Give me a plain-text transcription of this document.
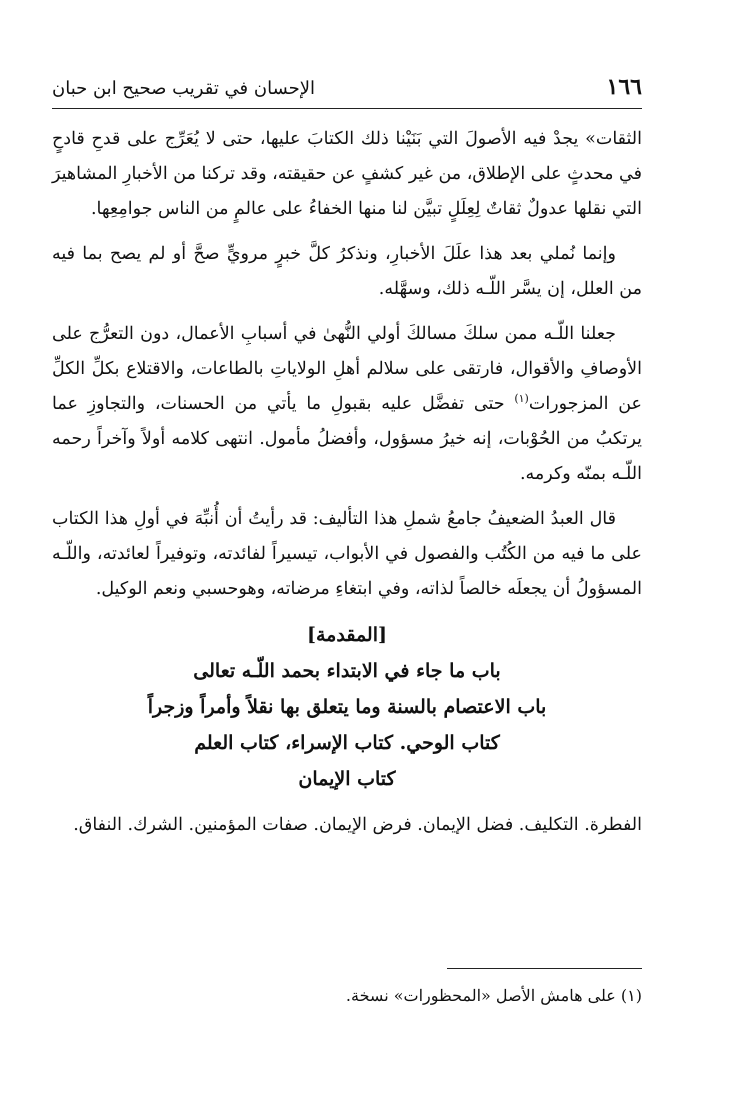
١٦٦
الإحسان في تقريب صحيح ابن حبان

الثقات» يجدْ فيه الأصولَ التي بَنَيْنا ذلك الكتابَ عليها، حتى لا يُعَرِّج على قدحِ قادحٍ في محدثٍ على الإطلاق، من غير كشفٍ عن حقيقته، وقد تركنا من الأخبارِ المشاهيرَ التي نقلها عدولٌ ثقاتٌ لِعِلَلٍ تبيَّن لنا منها الخفاءُ على عالمٍ من الناس جوامِعِها.

وإنما نُملي بعد هذا علَلَ الأخبارِ، ونذكرُ كلَّ خبرٍ مرويٍّ صحَّ أو لم يصح بما فيه من العلل، إن يسَّر اللّـه ذلك، وسهَّله.

جعلنا اللّـه ممن سلكَ مسالكَ أولي النُّهىٰ في أسبابِ الأعمال، دون التعرُّج على الأوصافِ والأقوال، فارتقى على سلالم أهلِ الولاياتِ بالطاعات، والاقتلاع بكلِّ الكلِّ عن المزجورات$^{(١)}$ حتى تفضَّل عليه بقبولِ ما يأتي من الحسنات، والتجاوزِ عما يرتكبُ من الحُوْبات، إنه خيرُ مسؤول، وأفضلُ مأمول. انتهى كلامه أولاً وآخراً رحمه اللّـه بمنّه وكرمه.

قال العبدُ الضعيفُ جامعُ شملِ هذا التأليف: قد رأيتُ أن أُنبِّهَ في أولِ هذا الكتاب على ما فيه من الكُتُب والفصول في الأبواب، تيسيراً لفائدته، وتوفيراً لعائدته، واللّـه المسؤولُ أن يجعلَه خالصاً لذاته، وفي ابتغاءِ مرضاته، وهوحسبي ونعم الوكيل.

[المقدمة]
باب ما جاء في الابتداء بحمد اللّـه تعالى
باب الاعتصام بالسنة وما يتعلق بها نقلاً وأمراً وزجراً
كتاب الوحي. كتاب الإسراء، كتاب العلم
كتاب الإيمان

الفطرة. التكليف. فضل الإيمان. فرض الإيمان. صفات المؤمنين. الشرك. النفاق.

(١) على هامش الأصل «المحظورات» نسخة.
